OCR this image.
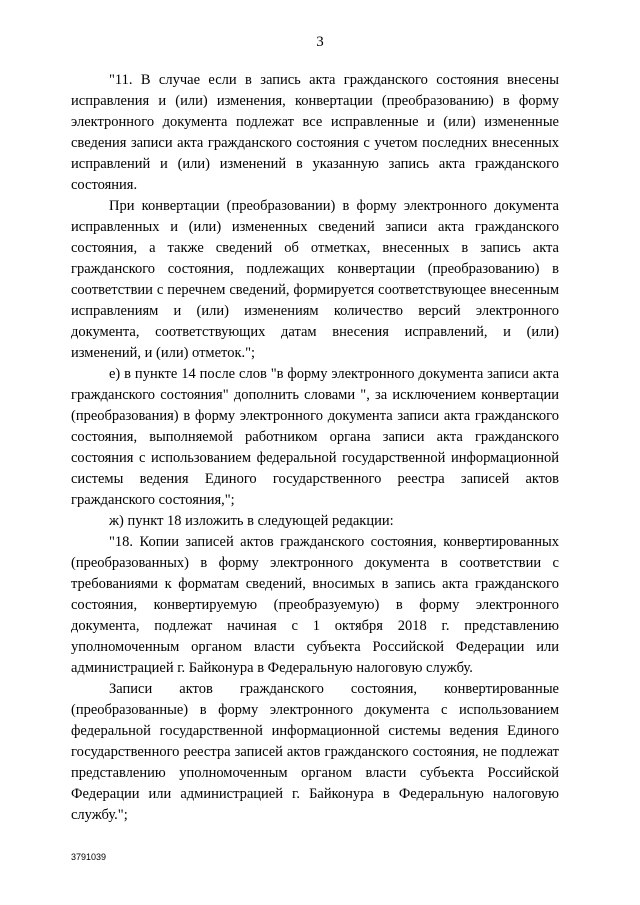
3

"11. В случае если в запись акта гражданского состояния внесены исправления и (или) изменения, конвертации (преобразованию) в форму электронного документа подлежат все исправленные и (или) измененные сведения записи акта гражданского состояния с учетом последних внесенных исправлений и (или) изменений в указанную запись акта гражданского состояния.

При конвертации (преобразовании) в форму электронного документа исправленных и (или) измененных сведений записи акта гражданского состояния, а также сведений об отметках, внесенных в запись акта гражданского состояния, подлежащих конвертации (преобразованию) в соответствии с перечнем сведений, формируется соответствующее внесенным исправлениям и (или) изменениям количество версий электронного документа, соответствующих датам внесения исправлений, и (или) изменений, и (или) отметок.";

е) в пункте 14 после слов "в форму электронного документа записи акта гражданского состояния" дополнить словами ", за исключением конвертации (преобразования) в форму электронного документа записи акта гражданского состояния, выполняемой работником органа записи акта гражданского состояния с использованием федеральной государственной информационной системы ведения Единого государственного реестра записей актов гражданского состояния,";

ж) пункт 18 изложить в следующей редакции:

"18. Копии записей актов гражданского состояния, конвертированных (преобразованных) в форму электронного документа в соответствии с требованиями к форматам сведений, вносимых в запись акта гражданского состояния, конвертируемую (преобразуемую) в форму электронного документа, подлежат начиная с 1 октября 2018 г. представлению уполномоченным органом власти субъекта Российской Федерации или администрацией г. Байконура в Федеральную налоговую службу.

Записи актов гражданского состояния, конвертированные (преобразованные) в форму электронного документа с использованием федеральной государственной информационной системы ведения Единого государственного реестра записей актов гражданского состояния, не подлежат представлению уполномоченным органом власти субъекта Российской Федерации или администрацией г. Байконура в Федеральную налоговую службу.";

3791039
